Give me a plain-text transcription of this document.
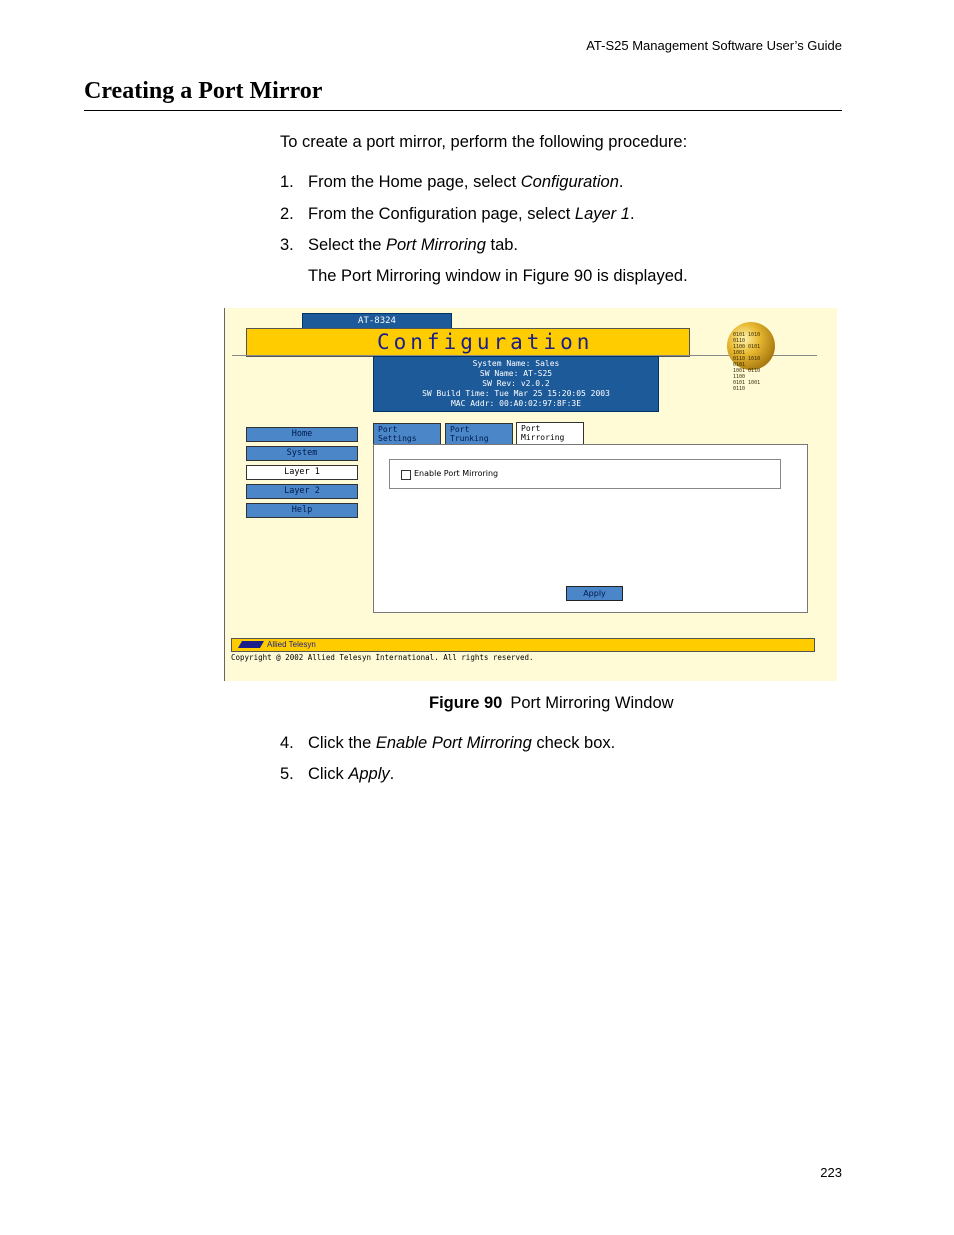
AT-S25 Management Software User’s Guide
Creating a Port Mirror
To create a port mirror, perform the following procedure:
1. From the Home page, select Configuration.
2. From the Configuration page, select Layer 1.
3. Select the Port Mirroring tab.
The Port Mirroring window in Figure 90 is displayed.
AT-8324
Configuration	0101 1010 0110
1100 0101 1001
0110 1010 0101
1001 0110 1100
0101 1001 0110
System Name: Sales
SW Name: AT-S25
SW Rev: v2.0.2
SW Build Time: Tue Mar 25 15:20:05 2003
MAC Addr: 00:A0:02:97:8F:3E
Home
System
Layer 1
Layer 2
Help
Port
Settings
Port
Trunking
Port
Mirroring
Enable Port Mirroring
Apply
Allied Telesyn
Copyright @ 2002 Allied Telesyn International. All rights reserved.
Figure 90 Port Mirroring Window
4. Click the Enable Port Mirroring check box.
5. Click Apply.
223
